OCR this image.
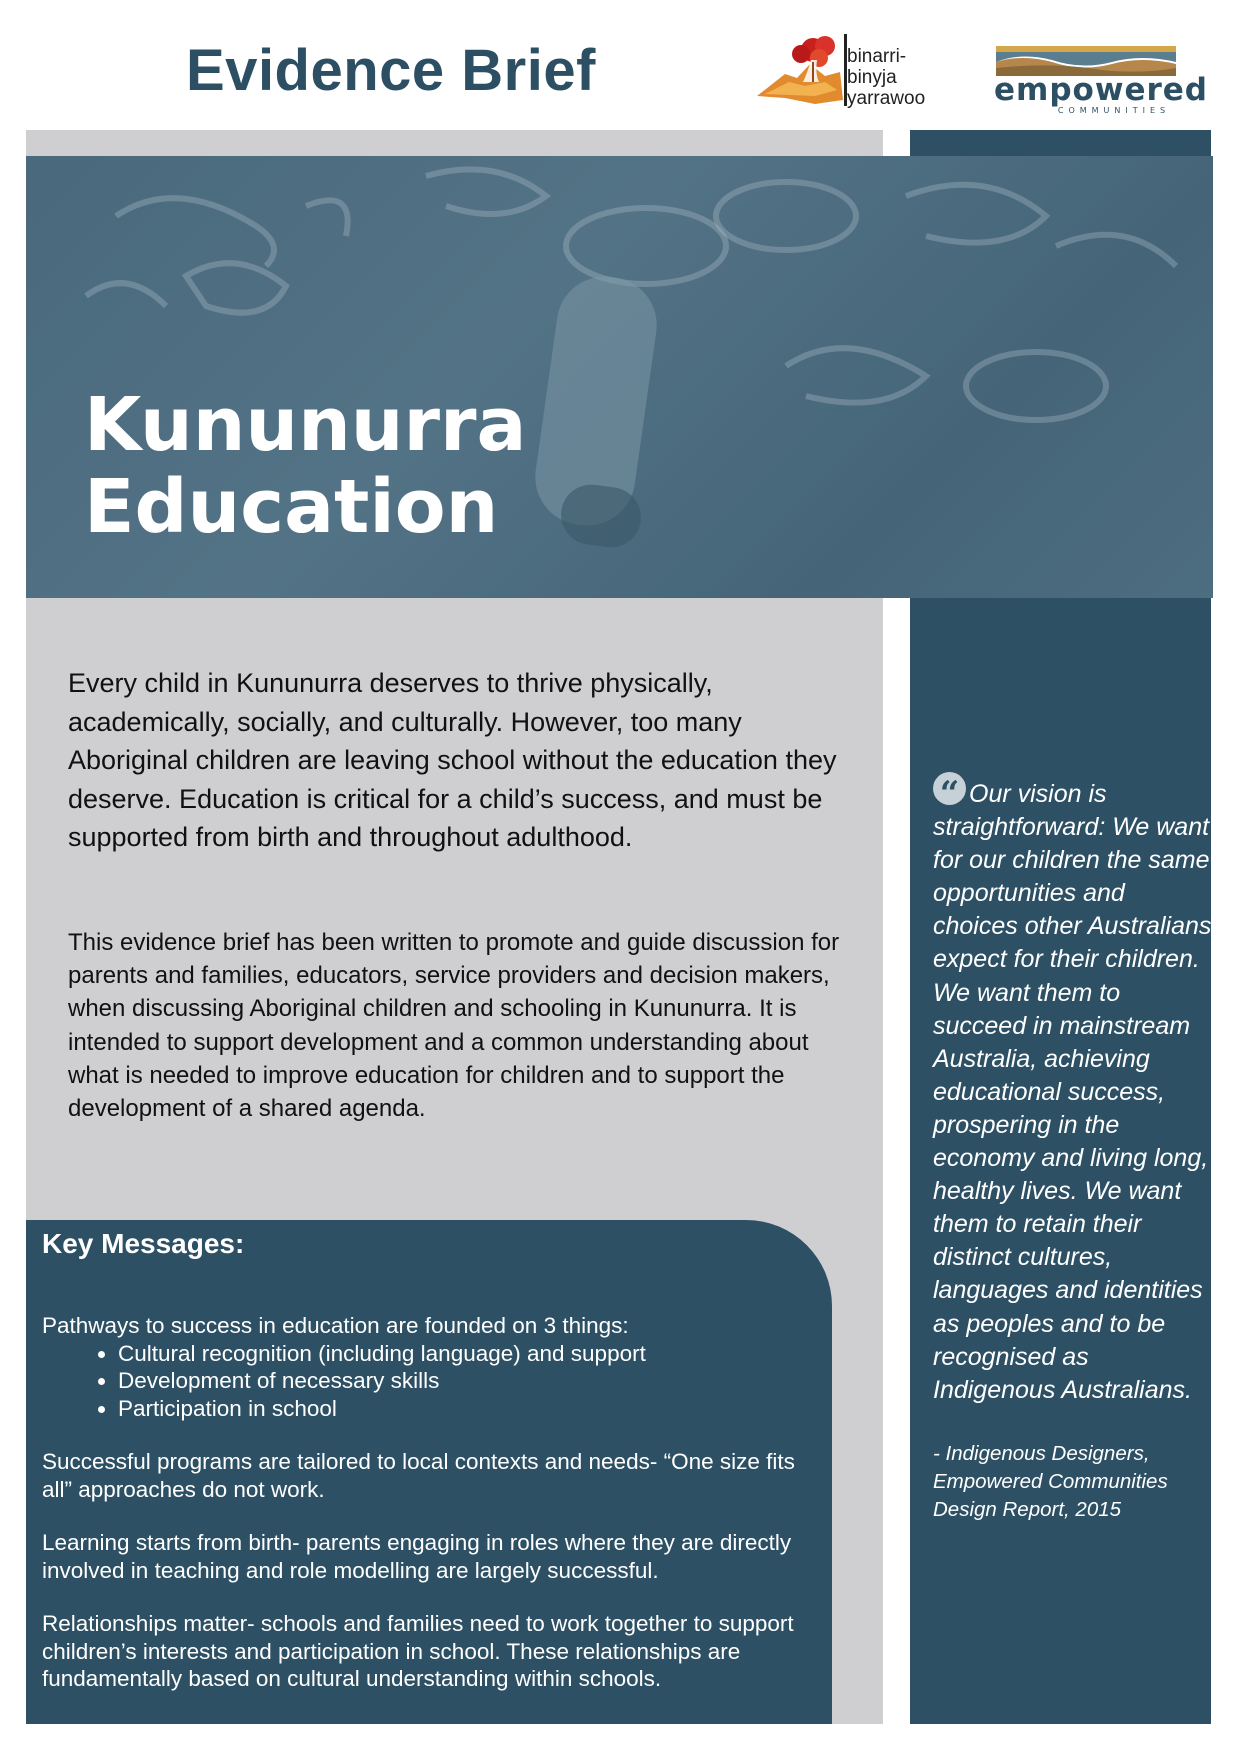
Evidence Brief	binarri-
binyja
yarrawoo empowered
COMMUNITIES
Kununurra
Education

Every child in Kununurra deserves to thrive physically, academically, socially, and culturally. However, too many Aboriginal children are leaving school without the education they deserve. Education is critical for a child’s success, and must be supported from birth and throughout adulthood.

This evidence brief has been written to promote and guide discussion for parents and families, educators, service providers and decision makers, when discussing Aboriginal children and schooling in Kununurra. It is intended to support development and a common understanding about what is needed to improve education for children and to support the development of a shared agenda.

Key Messages:

Pathways to success in education are founded on 3 things:

• Cultural recognition (including language) and support
• Development of necessary skills
• Participation in school

Successful programs are tailored to local contexts and needs- “One size fits all” approaches do not work.

Learning starts from birth- parents engaging in roles where they are directly involved in teaching and role modelling are largely successful.

Relationships matter- schools and families need to work together to support children’s interests and participation in school. These relationships are fundamentally based on cultural understanding within schools.

“ Our vision is straightforward: We want for our children the same opportunities and choices other Australians expect for their children. We want them to succeed in mainstream Australia, achieving educational success, prospering in the economy and living long, healthy lives. We want them to retain their distinct cultures, languages and identities as peoples and to be recognised as Indigenous Australians.

- Indigenous Designers,
Empowered Communities
Design Report, 2015
